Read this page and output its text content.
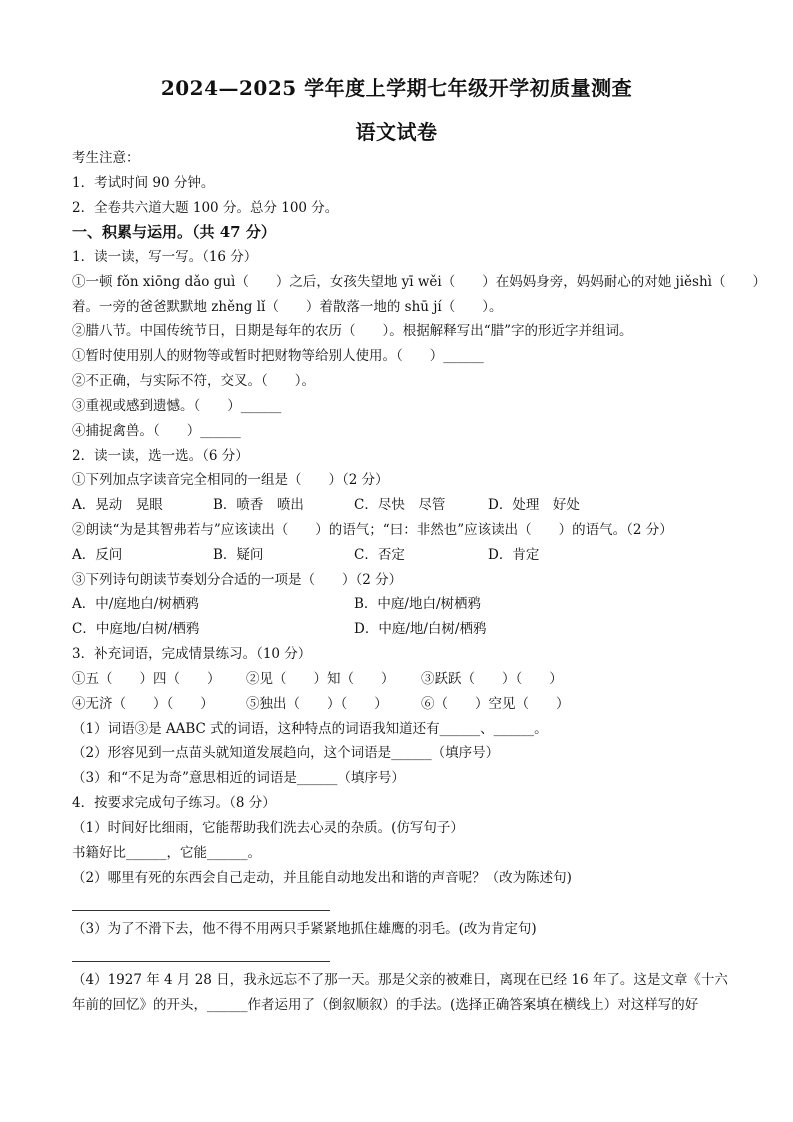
2024—2025 学年度上学期七年级开学初质量测查
语文试卷
考生注意：
1．考试时间 90 分钟。
2．全卷共六道大题 100 分。总分 100 分。
一、积累与运用。（共 47 分）
1．读一读，写一写。（16 分）
①一顿 fǒn xiōng dǎo guì（　　）之后，女孩失望地 yī wěi（　　）在妈妈身旁，妈妈耐心的对她 jiěshì（　　）
着。一旁的爸爸默默地 zhěng lǐ（　　）着散落一地的 shū jí（　　）。
②腊八节。中国传统节日，日期是每年的农历（　　）。根据解释写出“腊”字的形近字并组词。
①暂时使用别人的财物等或暂时把财物等给别人使用。（　　）______
②不正确，与实际不符，交叉。（　　）。
③重视或感到遗憾。（　　）______
④捕捉禽兽。（　　）______
2．读一读，选一选。（6 分）
①下列加点字读音完全相同的一组是（　　）（2 分）
A．晃动　晃眼	B．喷香　喷出	C．尽快　尽管	D．处理　好处
②朗读“为是其智弗若与”应该读出（　　）的语气；“曰：非然也”应该读出（　　）的语气。（2 分）
A．反问	B．疑问	C．否定	D．肯定
③下列诗句朗读节奏划分合适的一项是（　　）（2 分）
A．中/庭地白/树栖鸦	B．中庭/地白/树栖鸦
C．中庭地/白树/栖鸦	D．中庭/地/白树/栖鸦
3．补充词语，完成情景练习。（10 分）
①五（　　）四（　　） ②见（　　）知（　　） ③跃跃（　　）（　　）
④无济（　　）（　　） ⑤独出（　　）（　　） ⑥（　　）空见（　　）
（1）词语③是 AABC 式的词语，这种特点的词语我知道还有______、______。
（2）形容见到一点苗头就知道发展趋向，这个词语是______（填序号）
（3）和“不足为奇”意思相近的词语是______（填序号）
4．按要求完成句子练习。（8 分）
（1）时间好比细雨，它能帮助我们洗去心灵的杂质。(仿写句子）
书籍好比______，它能______。
（2）哪里有死的东西会自己走动，并且能自动地发出和谐的声音呢？（改为陈述句)
（3）为了不滑下去，他不得不用两只手紧紧地抓住雄鹰的羽毛。(改为肯定句)
（4）1927 年 4 月 28 日，我永远忘不了那一天。那是父亲的被难日，离现在已经 16 年了。这是文章《十六
年前的回忆》的开头，______作者运用了（倒叙顺叙）的手法。(选择正确答案填在横线上）对这样写的好
